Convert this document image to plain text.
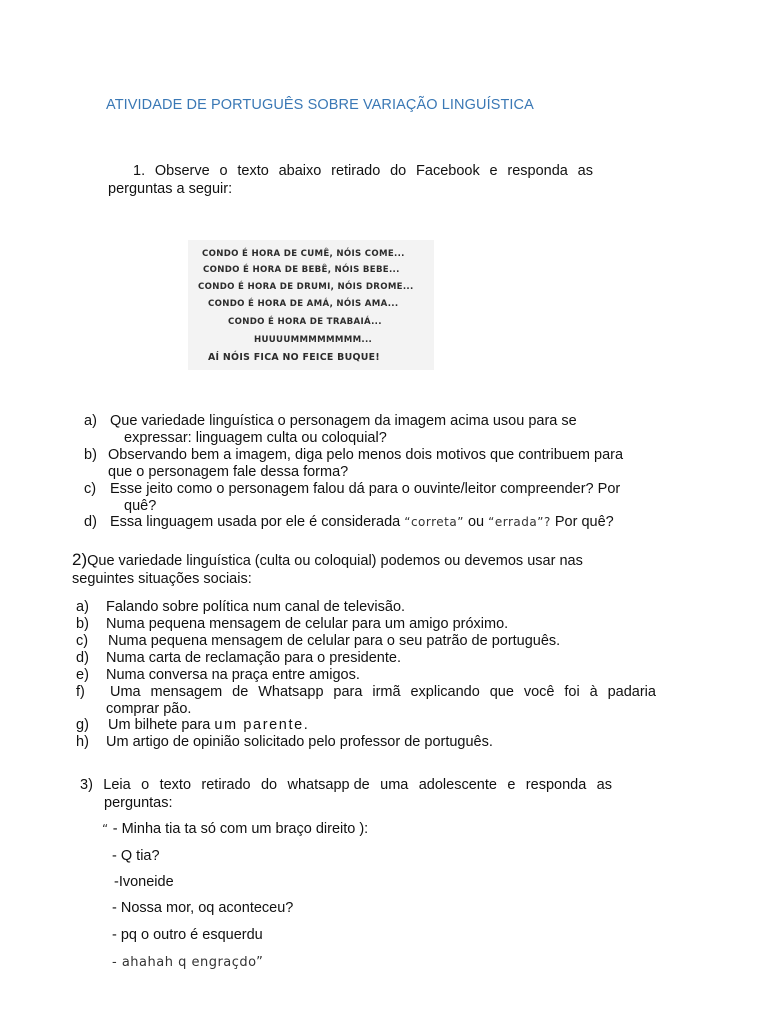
ATIVIDADE DE PORTUGUÊS SOBRE VARIAÇÃO LINGUÍSTICA
1. Observe o texto abaixo retirado do Facebook e responda as
perguntas a seguir:
CONDO É HORA DE CUMÊ, NÓIS COME...
CONDO É HORA DE BEBÊ, NÓIS BEBE...
CONDO É HORA DE DRUMI, NÓIS DROME...
CONDO É HORA DE AMÁ, NÓIS AMA...
CONDO É HORA DE TRABAIÁ...
HUUUUMMMMMMMM...
AÍ NÓIS FICA NO FEICE BUQUE!
a) Que variedade linguística o personagem da imagem acima usou para se
expressar: linguagem culta ou coloquial?
b) Observando bem a imagem, diga pelo menos dois motivos que contribuem para
que o personagem fale dessa forma?
c) Esse jeito como o personagem falou dá para o ouvinte/leitor compreender? Por
quê?
d) Essa linguagem usada por ele é considerada “correta” ou “errada”? Por quê?
2)Que variedade linguística (culta ou coloquial) podemos ou devemos usar nas
seguintes situações sociais:
a) Falando sobre política num canal de televisão.
b) Numa pequena mensagem de celular para um amigo próximo.
c) Numa pequena mensagem de celular para o seu patrão de português.
d) Numa carta de reclamação para o presidente.
e) Numa conversa na praça entre amigos.
f) Uma mensagem de Whatsapp para irmã explicando que você foi à padaria
comprar pão.
g) Um bilhete para um parente.
h) Um artigo de opinião solicitado pelo professor de português.
3) Leia o texto retirado do whatsapp de uma adolescente e responda as
perguntas:
“ - Minha tia ta só com um braço direito ):
- Q tia?
-Ivoneide
- Nossa mor, oq aconteceu?
- pq o outro é esquerdu
- ahahah q engraçdo”
